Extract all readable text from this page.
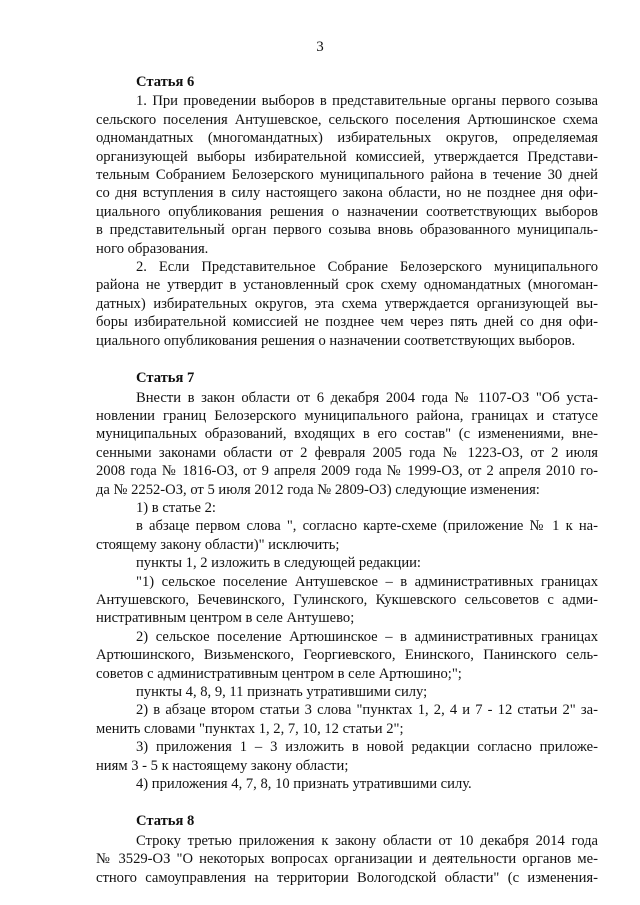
3
Статья 6
1. При проведении выборов в представительные органы первого созыва
сельского поселения Антушевское, сельского поселения Артюшинское схема
одномандатных (многомандатных) избирательных округов, определяемая
организующей выборы избирательной комиссией, утверждается Представи-
тельным Собранием Белозерского муниципального района в течение 30 дней
со дня вступления в силу настоящего закона области, но не позднее дня офи-
циального опубликования решения о назначении соответствующих выборов
в представительный орган первого созыва вновь образованного муниципаль-
ного образования.
2. Если Представительное Собрание Белозерского муниципального
района не утвердит в установленный срок схему одномандатных (многоман-
датных) избирательных округов, эта схема утверждается организующей вы-
боры избирательной комиссией не позднее чем через пять дней со дня офи-
циального опубликования решения о назначении соответствующих выборов.
Статья 7
Внести в закон области от 6 декабря 2004 года № 1107-ОЗ "Об уста-
новлении границ Белозерского муниципального района, границах и статусе
муниципальных образований, входящих в его состав" (с изменениями, вне-
сенными законами области от 2 февраля 2005 года № 1223-ОЗ, от 2 июля
2008 года № 1816-ОЗ, от 9 апреля 2009 года № 1999-ОЗ, от 2 апреля 2010 го-
да № 2252-ОЗ, от 5 июля 2012 года № 2809-ОЗ) следующие изменения:
1) в статье 2:
в абзаце первом слова ", согласно карте-схеме (приложение № 1 к на-
стоящему закону области)" исключить;
пункты 1, 2 изложить в следующей редакции:
"1) сельское поселение Антушевское – в административных границах
Антушевского, Бечевинского, Гулинского, Кукшевского сельсоветов с адми-
нистративным центром в селе Антушево;
2) сельское поселение Артюшинское – в административных границах
Артюшинского, Визьменского, Георгиевского, Енинского, Панинского сель-
советов с административным центром в селе Артюшино;";
пункты 4, 8, 9, 11 признать утратившими силу;
2) в абзаце втором статьи 3 слова "пунктах 1, 2, 4 и 7 - 12 статьи 2" за-
менить словами "пунктах 1, 2, 7, 10, 12 статьи 2";
3) приложения 1 – 3 изложить в новой редакции согласно приложе-
ниям 3 - 5 к настоящему закону области;
4) приложения 4, 7, 8, 10 признать утратившими силу.
Статья 8
Строку третью приложения к закону области от 10 декабря 2014 года
№ 3529-ОЗ "О некоторых вопросах организации и деятельности органов ме-
стного самоуправления на территории Вологодской области" (с изменения-
